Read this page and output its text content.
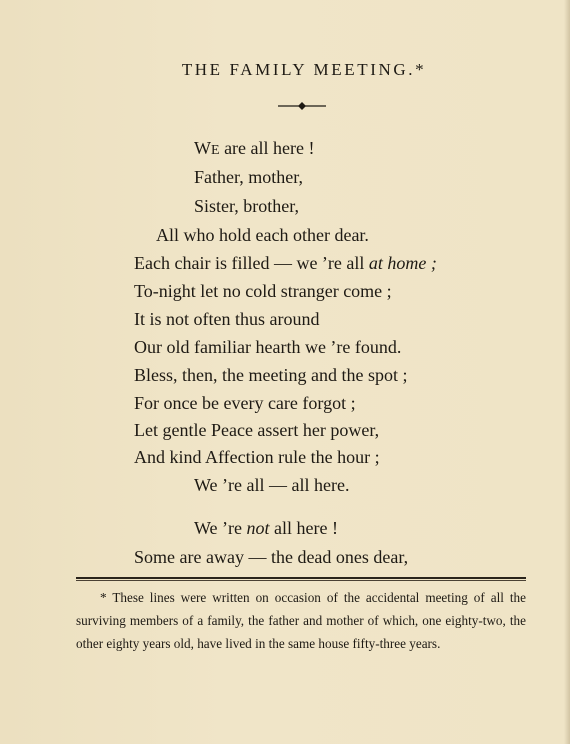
THE FAMILY MEETING.*
WE are all here !
Father, mother,
Sister, brother,
All who hold each other dear.
Each chair is filled — we ’re all at home ;
To-night let no cold stranger come ;
It is not often thus around
Our old familiar hearth we ’re found.
Bless, then, the meeting and the spot ;
For once be every care forgot ;
Let gentle Peace assert her power,
And kind Affection rule the hour ;
We ’re all — all here.
We ’re not all here !
Some are away — the dead ones dear,

* These lines were written on occasion of the accidental meeting of all the surviving members of a family, the father and mother of which, one eighty-two, the other eighty years old, have lived in the same house fifty-three years.
